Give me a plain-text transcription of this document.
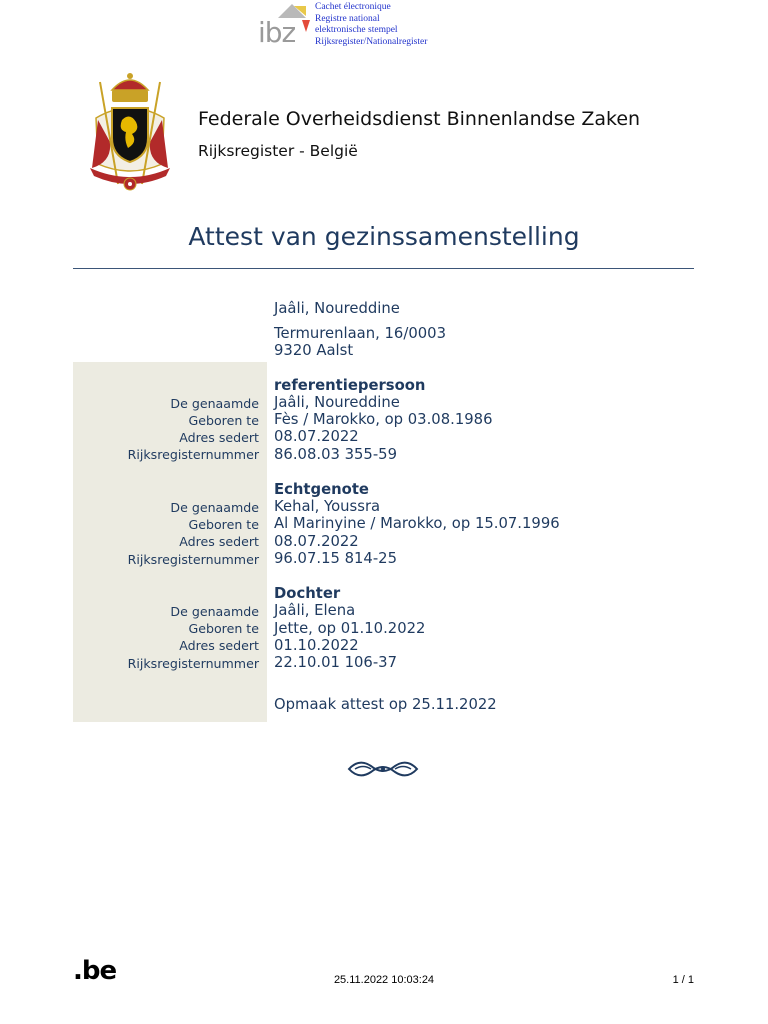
ibz
Cachet électronique
Registre national
elektronische stempel
Rijksregister/Nationalregister
Federale Overheidsdienst Binnenlandse Zaken
Rijksregister - België
Attest van gezinssamenstelling
Jaâli, Noureddine
Termurenlaan, 16/0003
9320 Aalst
referentiepersoon
De genaamde Jaâli, Noureddine
Geboren te Fès / Marokko, op 03.08.1986
Adres sedert 08.07.2022
Rijksregisternummer 86.08.03 355-59
Echtgenote
De genaamde Kehal, Youssra
Geboren te Al Marinyine / Marokko, op 15.07.1996
Adres sedert 08.07.2022
Rijksregisternummer 96.07.15 814-25
Dochter
De genaamde Jaâli, Elena
Geboren te Jette, op 01.10.2022
Adres sedert 01.10.2022
Rijksregisternummer 22.10.01 106-37
Opmaak attest op 25.11.2022
.be	25.11.2022 10:03:24	1 / 1
